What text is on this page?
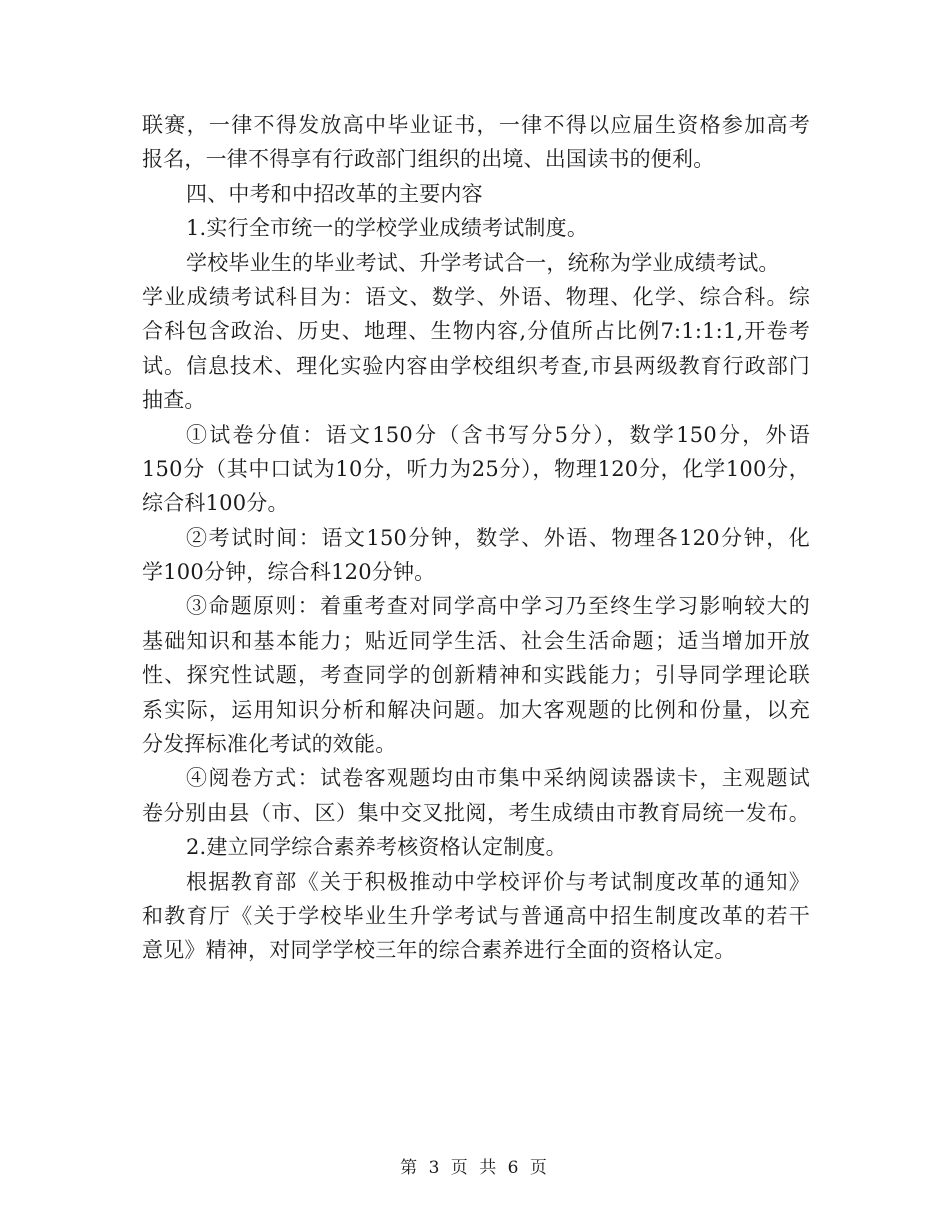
联赛，一律不得发放高中毕业证书，一律不得以应届生资格参加高考
报名，一律不得享有行政部门组织的出境、出国读书的便利。
四、中考和中招改革的主要内容
1.实行全市统一的学校学业成绩考试制度。
学校毕业生的毕业考试、升学考试合一，统称为学业成绩考试。
学业成绩考试科目为：语文、数学、外语、物理、化学、综合科。综
合科包含政治、历史、地理、生物内容,分值所占比例7:1:1:1,开卷考
试。信息技术、理化实验内容由学校组织考查,市县两级教育行政部门
抽查。
①试卷分值：语文150分（含书写分5分），数学150分，外语
150分（其中口试为10分，听力为25分），物理120分，化学100分，
综合科100分。
②考试时间：语文150分钟，数学、外语、物理各120分钟，化
学100分钟，综合科120分钟。
③命题原则：着重考查对同学高中学习乃至终生学习影响较大的
基础知识和基本能力；贴近同学生活、社会生活命题；适当增加开放
性、探究性试题，考查同学的创新精神和实践能力；引导同学理论联
系实际，运用知识分析和解决问题。加大客观题的比例和份量，以充
分发挥标准化考试的效能。
④阅卷方式：试卷客观题均由市集中采纳阅读器读卡，主观题试
卷分别由县（市、区）集中交叉批阅，考生成绩由市教育局统一发布。
2.建立同学综合素养考核资格认定制度。
根据教育部《关于积极推动中学校评价与考试制度改革的通知》
和教育厅《关于学校毕业生升学考试与普通高中招生制度改革的若干
意见》精神，对同学学校三年的综合素养进行全面的资格认定。
第 3 页 共 6 页
